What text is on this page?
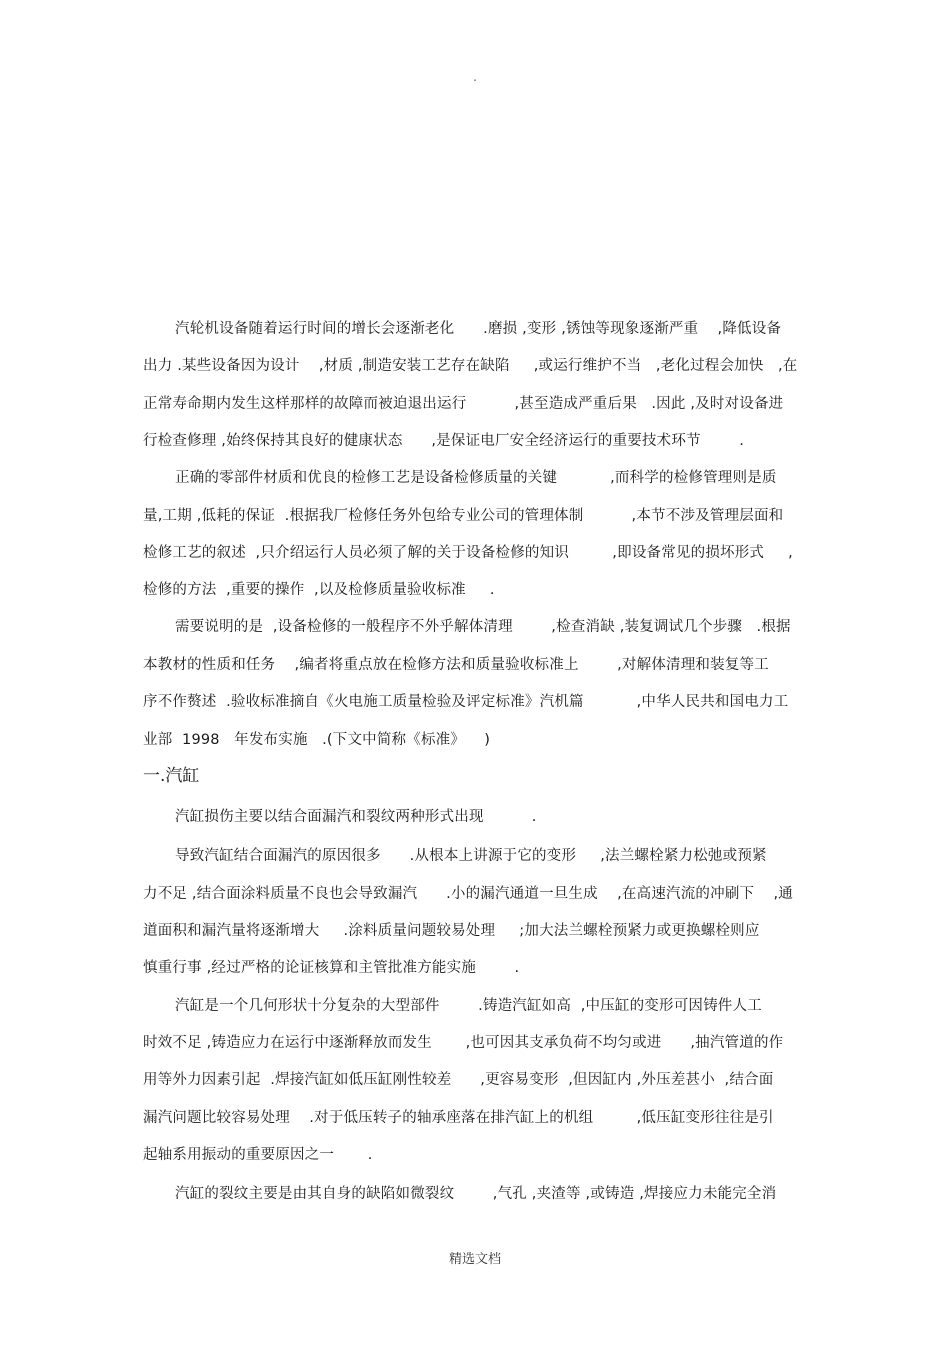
.
汽轮机设备随着运行时间的增长会逐渐老化      .磨损 ,变形 ,锈蚀等现象逐渐严重    ,降低设备
出力 .某些设备因为设计    ,材质 ,制造安装工艺存在缺陷     ,或运行维护不当   ,老化过程会加快   ,在
正常寿命期内发生这样那样的故障而被迫退出运行          ,甚至造成严重后果   .因此 ,及时对设备进
行检查修理 ,始终保持其良好的健康状态      ,是保证电厂安全经济运行的重要技术环节        .
正确的零部件材质和优良的检修工艺是设备检修质量的关键           ,而科学的检修管理则是质
量,工期 ,低耗的保证  .根据我厂检修任务外包给专业公司的管理体制          ,本节不涉及管理层面和
检修工艺的叙述  ,只介绍运行人员必须了解的关于设备检修的知识         ,即设备常见的损坏形式     ,
检修的方法  ,重要的操作  ,以及检修质量验收标准     .
需要说明的是  ,设备检修的一般程序不外乎解体清理        ,检查消缺 ,装复调试几个步骤   .根据
本教材的性质和任务    ,编者将重点放在检修方法和质量验收标准上        ,对解体清理和装复等工
序不作赘述  .验收标准摘自《火电施工质量检验及评定标准》汽机篇           ,中华人民共和国电力工
业部  1998   年发布实施   .(下文中简称《标准》    )
一.汽缸
汽缸损伤主要以结合面漏汽和裂纹两种形式出现          .
导致汽缸结合面漏汽的原因很多      .从根本上讲源于它的变形     ,法兰螺栓紧力松弛或预紧
力不足 ,结合面涂料质量不良也会导致漏汽      .小的漏汽通道一旦生成    ,在高速汽流的冲刷下    ,通
道面积和漏汽量将逐渐增大     .涂料质量问题较易处理     ;加大法兰螺栓预紧力或更换螺栓则应
慎重行事 ,经过严格的论证核算和主管批准方能实施        .
汽缸是一个几何形状十分复杂的大型部件        .铸造汽缸如高  ,中压缸的变形可因铸件人工
时效不足 ,铸造应力在运行中逐渐释放而发生       ,也可因其支承负荷不均匀或进      ,抽汽管道的作
用等外力因素引起  .焊接汽缸如低压缸刚性较差      ,更容易变形  ,但因缸内 ,外压差甚小  ,结合面
漏汽问题比较容易处理    .对于低压转子的轴承座落在排汽缸上的机组         ,低压缸变形往往是引
起轴系用振动的重要原因之一       .
汽缸的裂纹主要是由其自身的缺陷如微裂纹        ,气孔 ,夹渣等 ,或铸造 ,焊接应力未能完全消
精选文档
